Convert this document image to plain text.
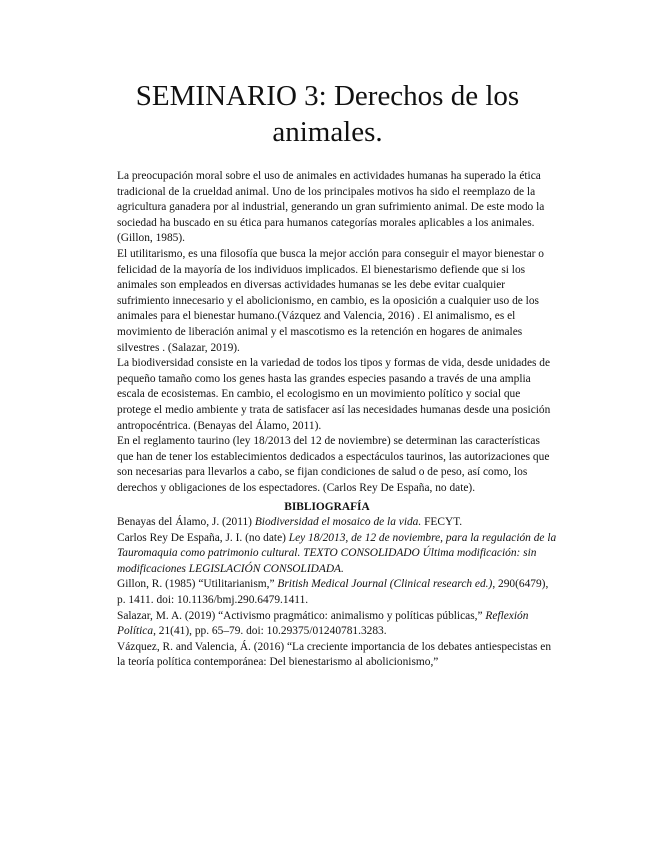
SEMINARIO 3: Derechos de los animales.

La preocupación moral sobre el uso de animales en actividades humanas ha superado la ética tradicional de la crueldad animal. Uno de los principales motivos ha sido el reemplazo de la agricultura ganadera por al industrial, generando un gran sufrimiento animal. De este modo la sociedad ha buscado en su ética para humanos categorías morales aplicables a los animales. (Gillon, 1985).

El utilitarismo, es una filosofía que busca la mejor acción para conseguir el mayor bienestar o felicidad de la mayoría de los individuos implicados. El bienestarismo defiende que si los animales son empleados en diversas actividades humanas se les debe evitar cualquier sufrimiento innecesario y el abolicionismo, en cambio, es la oposición a cualquier uso de los animales para el bienestar humano.(Vázquez and Valencia, 2016) . El animalismo, es el movimiento de liberación animal y el mascotismo es la retención en hogares de animales silvestres . (Salazar, 2019).

La biodiversidad consiste en la variedad de todos los tipos y formas de vida, desde unidades de pequeño tamaño como los genes hasta las grandes especies pasando a través de una amplia escala de ecosistemas. En cambio, el ecologismo en un movimiento político y social que protege el medio ambiente y trata de satisfacer así las necesidades humanas desde una posición antropocéntrica. (Benayas del Álamo, 2011).

En el reglamento taurino (ley 18/2013 del 12 de noviembre) se determinan las características que han de tener los establecimientos dedicados a espectáculos taurinos, las autorizaciones que son necesarias para llevarlos a cabo, se fijan condiciones de salud o de peso, así como, los derechos y obligaciones de los espectadores. (Carlos Rey De España, no date).

BIBLIOGRAFÍA
Benayas del Álamo, J. (2011) Biodiversidad el mosaico de la vida. FECYT.
Carlos Rey De España, J. I. (no date) Ley 18/2013, de 12 de noviembre, para la regulación de la Tauromaquia como patrimonio cultural. TEXTO CONSOLIDADO Última modificación: sin modificaciones LEGISLACIÓN CONSOLIDADA.
Gillon, R. (1985) “Utilitarianism,” British Medical Journal (Clinical research ed.), 290(6479), p. 1411. doi: 10.1136/bmj.290.6479.1411.
Salazar, M. A. (2019) “Activismo pragmático: animalismo y políticas públicas,” Reflexión Política, 21(41), pp. 65–79. doi: 10.29375/01240781.3283.
Vázquez, R. and Valencia, Á. (2016) “La creciente importancia de los debates antiespecistas en la teoría política contemporánea: Del bienestarismo al abolicionismo,”
